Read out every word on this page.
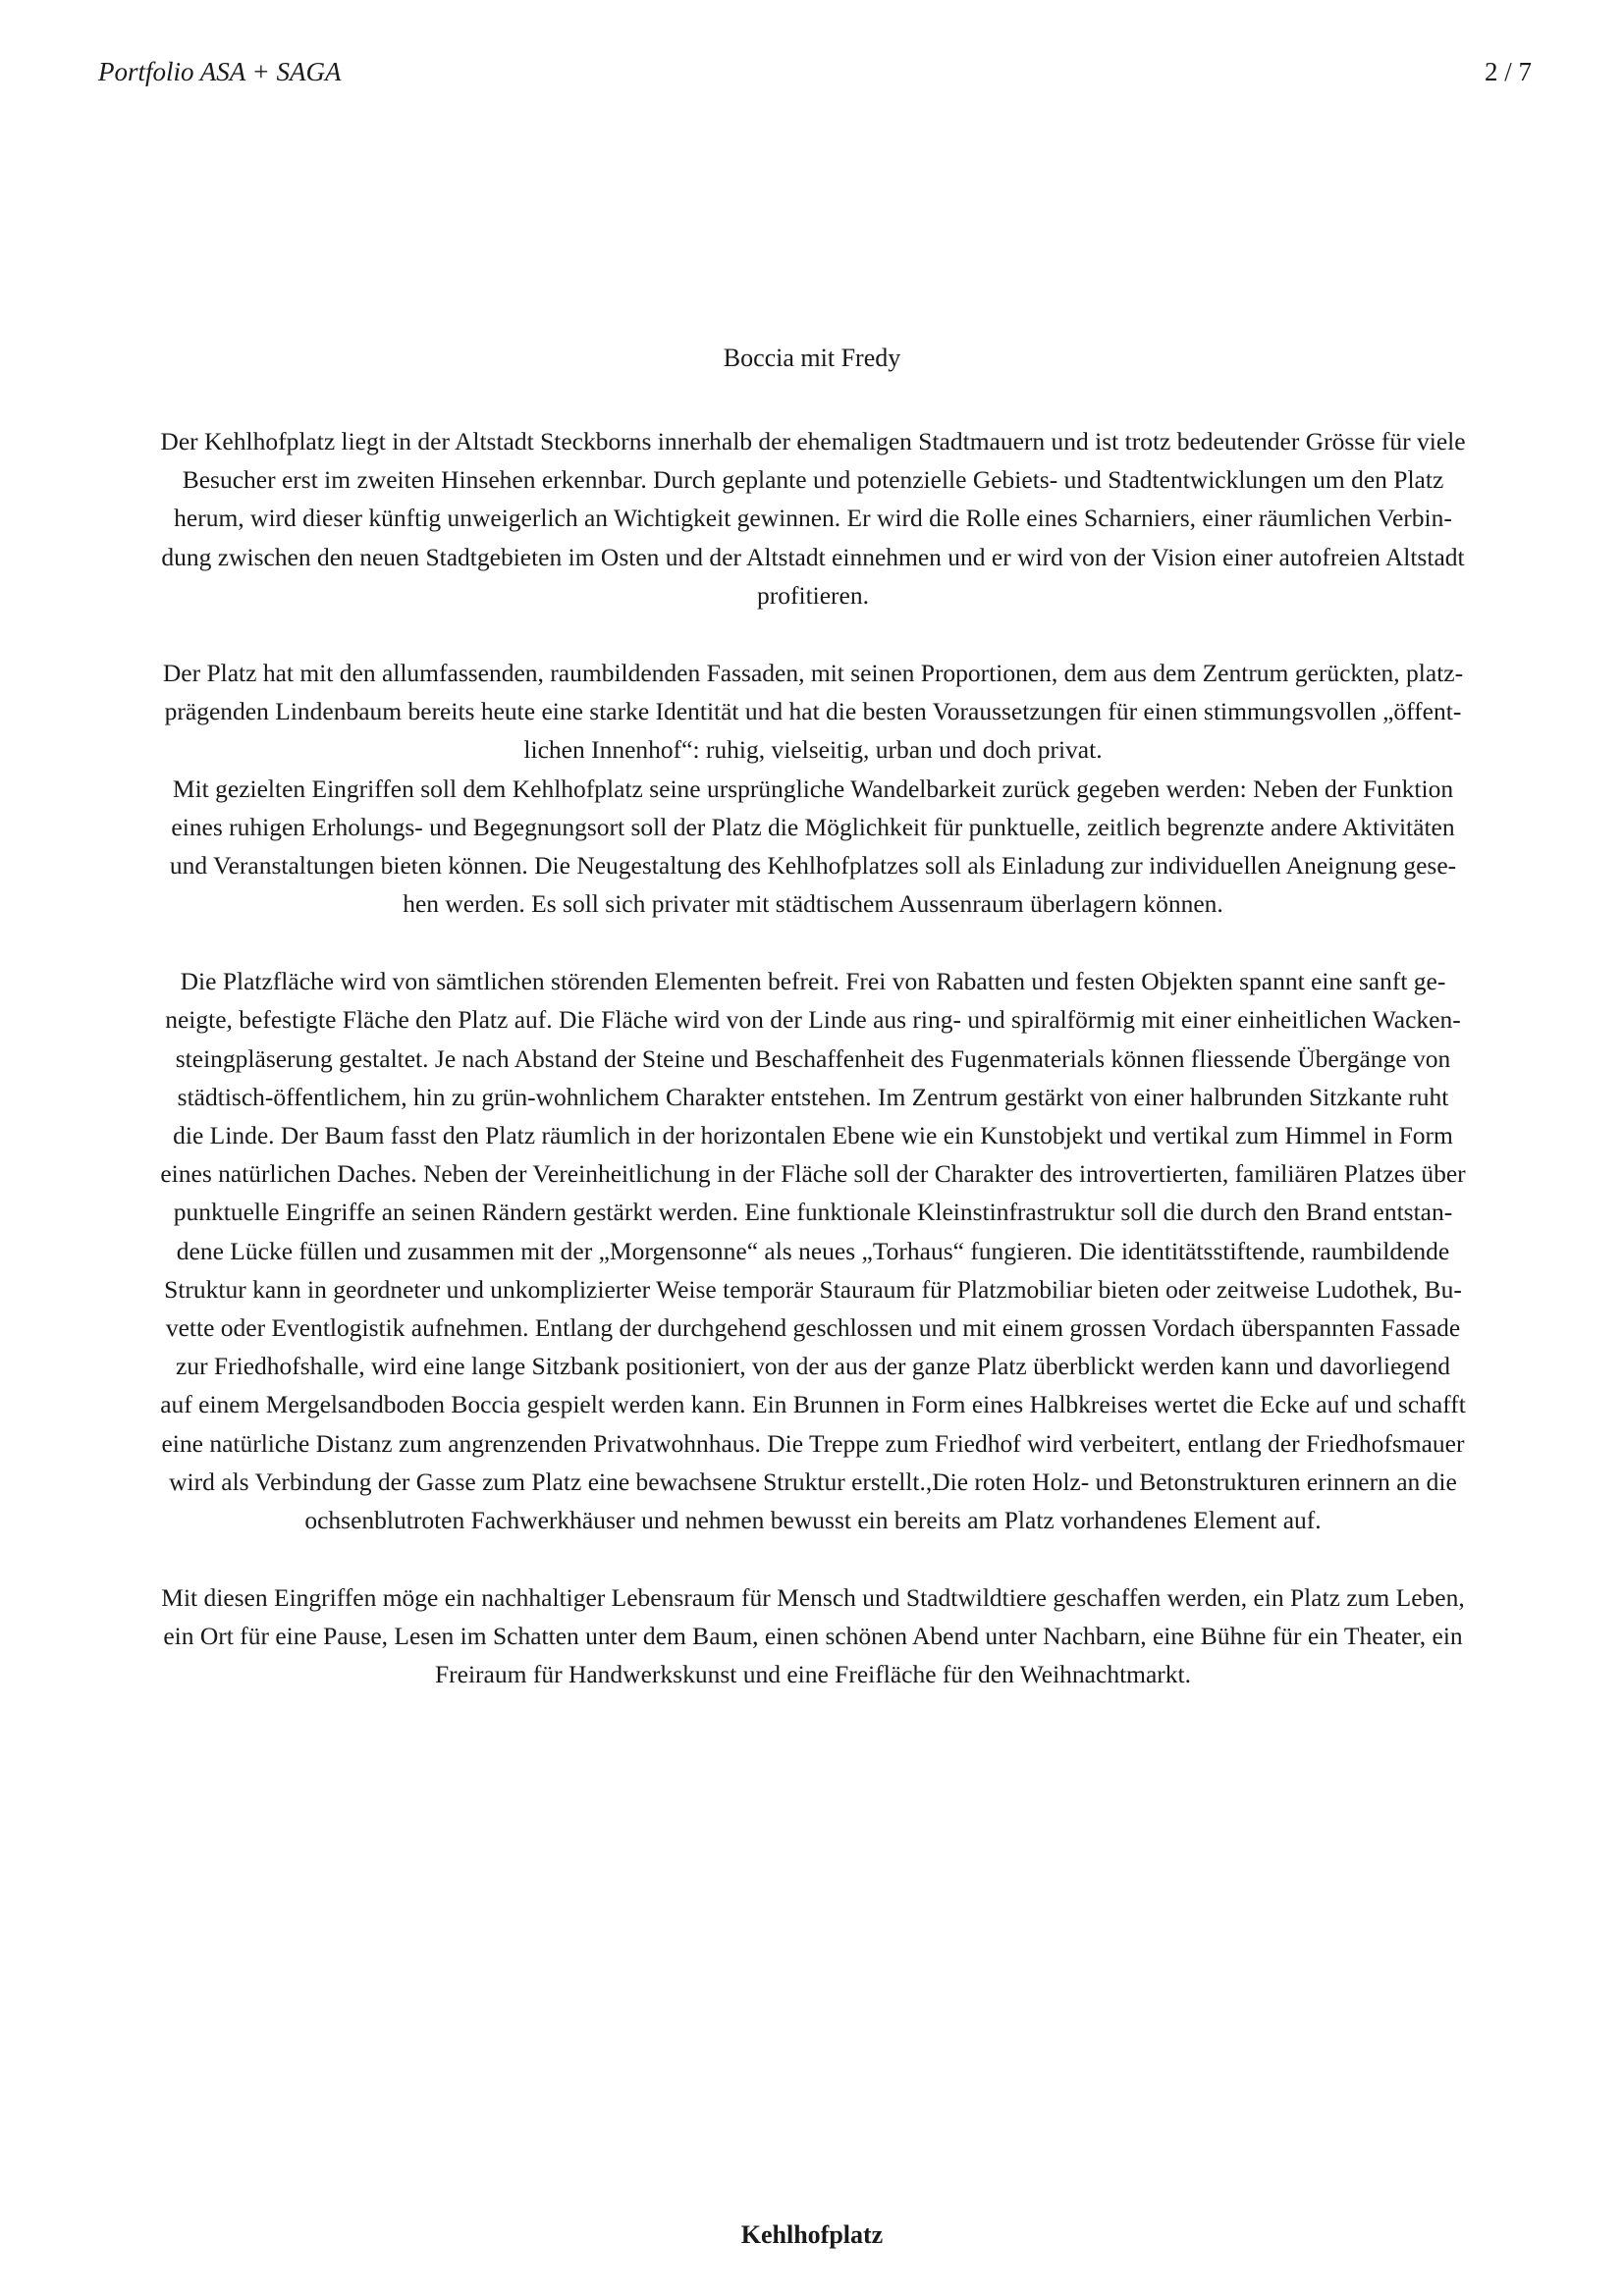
Portfolio ASA + SAGA	2 / 7
Boccia mit Fredy
Der Kehlhofplatz liegt in der Altstadt Steckborns innerhalb der ehemaligen Stadtmauern und ist trotz bedeutender Grösse für viele
Besucher erst im zweiten Hinsehen erkennbar. Durch geplante und potenzielle Gebiets- und Stadtentwicklungen um den Platz
herum, wird dieser künftig unweigerlich an Wichtigkeit gewinnen. Er wird die Rolle eines Scharniers, einer räumlichen Verbin-
dung zwischen den neuen Stadtgebieten im Osten und der Altstadt einnehmen und er wird von der Vision einer autofreien Altstadt
profitieren.
Der Platz hat mit den allumfassenden, raumbildenden Fassaden, mit seinen Proportionen, dem aus dem Zentrum gerückten, platz-
prägenden Lindenbaum bereits heute eine starke Identität und hat die besten Voraussetzungen für einen stimmungsvollen „öffent-
lichen Innenhof“: ruhig, vielseitig, urban und doch privat.
Mit gezielten Eingriffen soll dem Kehlhofplatz seine ursprüngliche Wandelbarkeit zurück gegeben werden: Neben der Funktion
eines ruhigen Erholungs- und Begegnungsort soll der Platz die Möglichkeit für punktuelle, zeitlich begrenzte andere Aktivitäten
und Veranstaltungen bieten können. Die Neugestaltung des Kehlhofplatzes soll als Einladung zur individuellen Aneignung gese-
hen werden. Es soll sich privater mit städtischem Aussenraum überlagern können.
Die Platzfläche wird von sämtlichen störenden Elementen befreit. Frei von Rabatten und festen Objekten spannt eine sanft ge-
neigte, befestigte Fläche den Platz auf. Die Fläche wird von der Linde aus ring- und spiralförmig mit einer einheitlichen Wacken-
steingpläserung gestaltet. Je nach Abstand der Steine und Beschaffenheit des Fugenmaterials können fliessende Übergänge von
städtisch-öffentlichem, hin zu grün-wohnlichem Charakter entstehen. Im Zentrum gestärkt von einer halbrunden Sitzkante ruht
die Linde. Der Baum fasst den Platz räumlich in der horizontalen Ebene wie ein Kunstobjekt und vertikal zum Himmel in Form
eines natürlichen Daches. Neben der Vereinheitlichung in der Fläche soll der Charakter des introvertierten, familiären Platzes über
punktuelle Eingriffe an seinen Rändern gestärkt werden. Eine funktionale Kleinstinfrastruktur soll die durch den Brand entstan-
dene Lücke füllen und zusammen mit der „Morgensonne“ als neues „Torhaus“ fungieren. Die identitätsstiftende, raumbildende
Struktur kann in geordneter und unkomplizierter Weise temporär Stauraum für Platzmobiliar bieten oder zeitweise Ludothek, Bu-
vette oder Eventlogistik aufnehmen. Entlang der durchgehend geschlossen und mit einem grossen Vordach überspannten Fassade
zur Friedhofshalle, wird eine lange Sitzbank positioniert, von der aus der ganze Platz überblickt werden kann und davorliegend
auf einem Mergelsandboden Boccia gespielt werden kann. Ein Brunnen in Form eines Halbkreises wertet die Ecke auf und schafft
eine natürliche Distanz zum angrenzenden Privatwohnhaus. Die Treppe zum Friedhof wird verbeitert, entlang der Friedhofsmauer
wird als Verbindung der Gasse zum Platz eine bewachsene Struktur erstellt.,Die roten Holz- und Betonstrukturen erinnern an die
ochsenblutroten Fachwerkhäuser und nehmen bewusst ein bereits am Platz vorhandenes Element auf.
Mit diesen Eingriffen möge ein nachhaltiger Lebensraum für Mensch und Stadtwildtiere geschaffen werden, ein Platz zum Leben,
ein Ort für eine Pause, Lesen im Schatten unter dem Baum, einen schönen Abend unter Nachbarn, eine Bühne für ein Theater, ein
Freiraum für Handwerkskunst und eine Freifläche für den Weihnachtmarkt.
Kehlhofplatz
